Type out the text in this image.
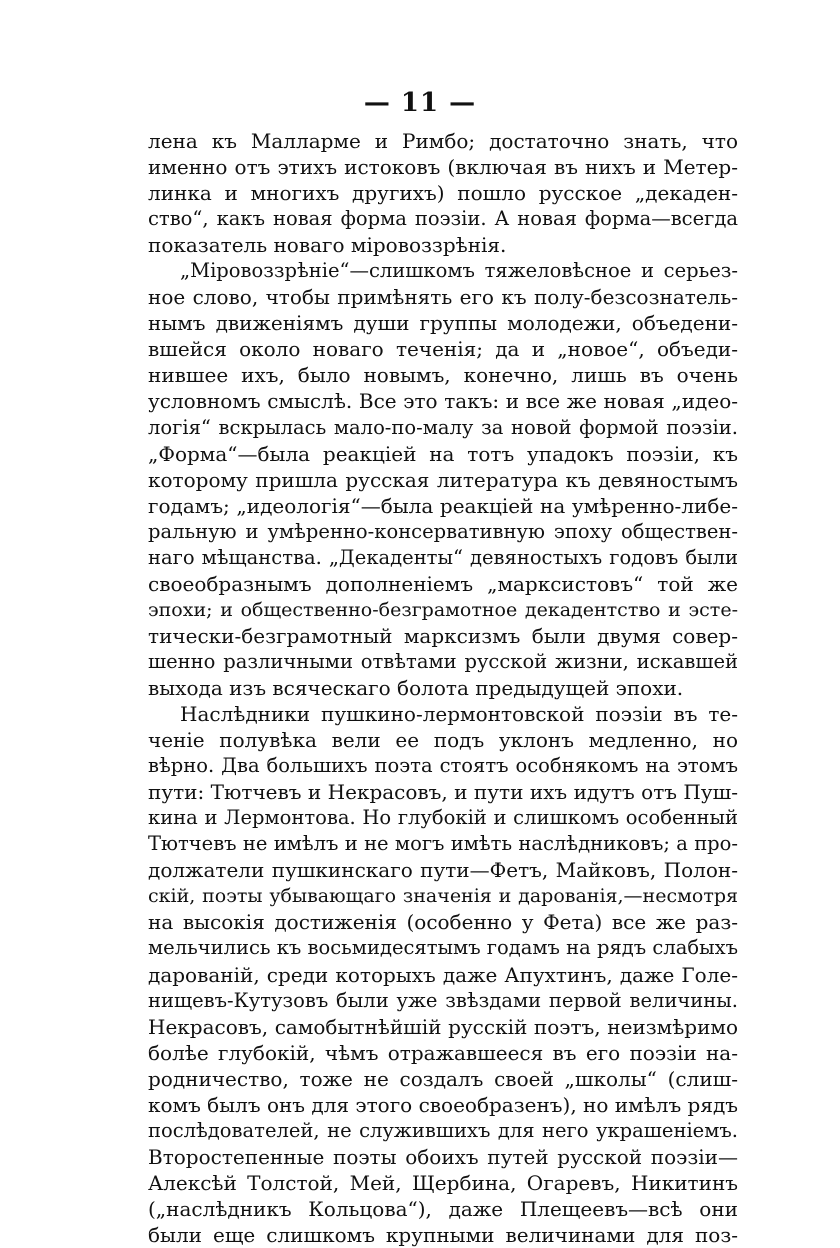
— 11 —
лена къ Малларме и Римбо; достаточно знать, что
именно отъ этихъ истоковъ (включая въ нихъ и Метер-
линка и многихъ другихъ) пошло русское „декаден-
ство“, какъ новая форма поэзіи. А новая форма—всегда
показатель новаго міровоззрѣнія.
„Міровоззрѣніе“—слишкомъ тяжеловѣсное и серьез-
ное слово, чтобы примѣнять его къ полу-безсознатель-
нымъ движеніямъ души группы молодежи, объедени-
вшейся около новаго теченія; да и „новое“, объеди-
нившее ихъ, было новымъ, конечно, лишь въ очень
условномъ смыслѣ. Все это такъ: и все же новая „идео-
логія“ вскрылась мало-по-малу за новой формой поэзіи.
„Форма“—была реакціей на тотъ упадокъ поэзіи, къ
которому пришла русская литература къ девяностымъ
годамъ; „идеологія“—была реакціей на умѣренно-либе-
ральную и умѣренно-консервативную эпоху обществен-
наго мѣщанства. „Декаденты“ девяностыхъ годовъ были
своеобразнымъ дополненіемъ „марксистовъ“ той же
эпохи; и общественно-безграмотное декадентство и эсте-
тически-безграмотный марксизмъ были двумя совер-
шенно различными отвѣтами русской жизни, искавшей
выхода изъ всяческаго болота предыдущей эпохи.
Наслѣдники пушкино-лермонтовской поэзіи въ те-
ченіе полувѣка вели ее подъ уклонъ медленно, но
вѣрно. Два большихъ поэта стоятъ особнякомъ на этомъ
пути: Тютчевъ и Некрасовъ, и пути ихъ идутъ отъ Пуш-
кина и Лермонтова. Но глубокій и слишкомъ особенный
Тютчевъ не имѣлъ и не могъ имѣть наслѣдниковъ; а про-
должатели пушкинскаго пути—Фетъ, Майковъ, Полон-
скій, поэты убывающаго значенія и дарованія,—несмотря
на высокія достиженія (особенно у Фета) все же раз-
мельчились къ восьмидесятымъ годамъ на рядъ слабыхъ
дарованій, среди которыхъ даже Апухтинъ, даже Голе-
нищевъ-Кутузовъ были уже звѣздами первой величины.
Некрасовъ, самобытнѣйшій русскій поэтъ, неизмѣримо
болѣе глубокій, чѣмъ отражавшееся въ его поэзіи на-
родничество, тоже не создалъ своей „школы“ (слиш-
комъ былъ онъ для этого своеобразенъ), но имѣлъ рядъ
послѣдователей, не служившихъ для него украшеніемъ.
Второстепенные поэты обоихъ путей русской поэзіи—
Алексѣй Толстой, Мей, Щербина, Огаревъ, Никитинъ
(„наслѣдникъ Кольцова“), даже Плещеевъ—всѣ они
были еще слишкомъ крупными величинами для поз-
